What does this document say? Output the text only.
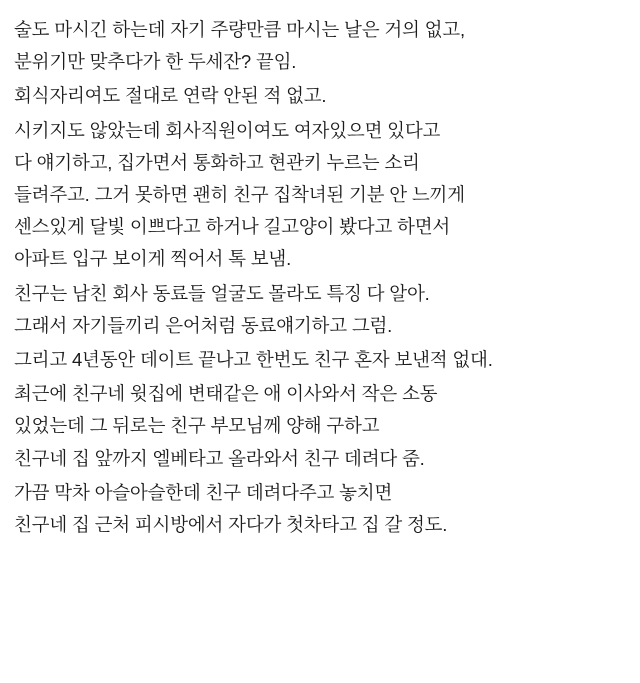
술도 마시긴 하는데 자기 주량만큼 마시는 날은 거의 없고,
분위기만 맞추다가 한 두세잔? 끝임.
회식자리여도 절대로 연락 안된 적 없고.
시키지도 않았는데 회사직원이여도 여자있으면 있다고
다 얘기하고, 집가면서 통화하고 현관키 누르는 소리
들려주고. 그거 못하면 괜히 친구 집착녀된 기분 안 느끼게
센스있게 달빛 이쁘다고 하거나 길고양이 봤다고 하면서
아파트 입구 보이게 찍어서 톡 보냄.
친구는 남친 회사 동료들 얼굴도 몰라도 특징 다 알아.
그래서 자기들끼리 은어처럼 동료얘기하고 그럼.
그리고 4년동안 데이트 끝나고 한번도 친구 혼자 보낸적 없대.
최근에 친구네 윗집에 변태같은 애 이사와서 작은 소동
있었는데 그 뒤로는 친구 부모님께 양해 구하고
친구네 집 앞까지 엘베타고 올라와서 친구 데려다 줌.
가끔 막차 아슬아슬한데 친구 데려다주고 놓치면
친구네 집 근처 피시방에서 자다가 첫차타고 집 갈 정도.
